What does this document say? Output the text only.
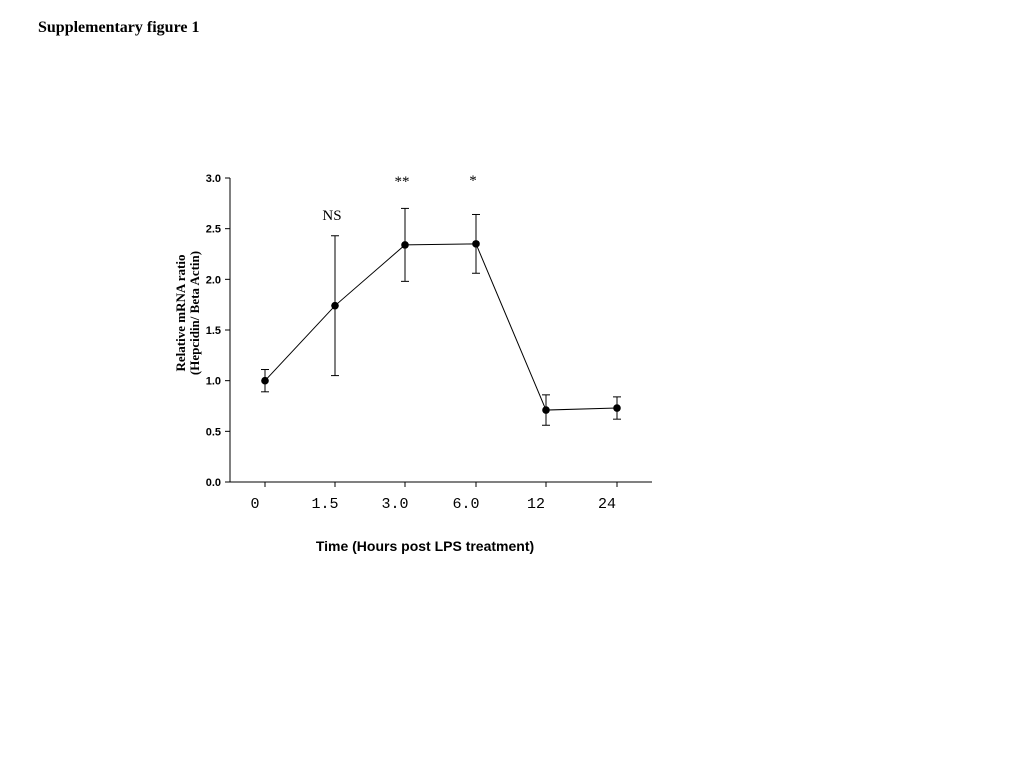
Supplementary figure 1
0.0
0.5
1.0
1.5
2.0
2.5
3.0
0	1.5	3.0	6.0	12	24
NS
**	*
Time (Hours post LPS treatment)
Relative mRNA ratio (Hepcidin/ Beta Actin)
